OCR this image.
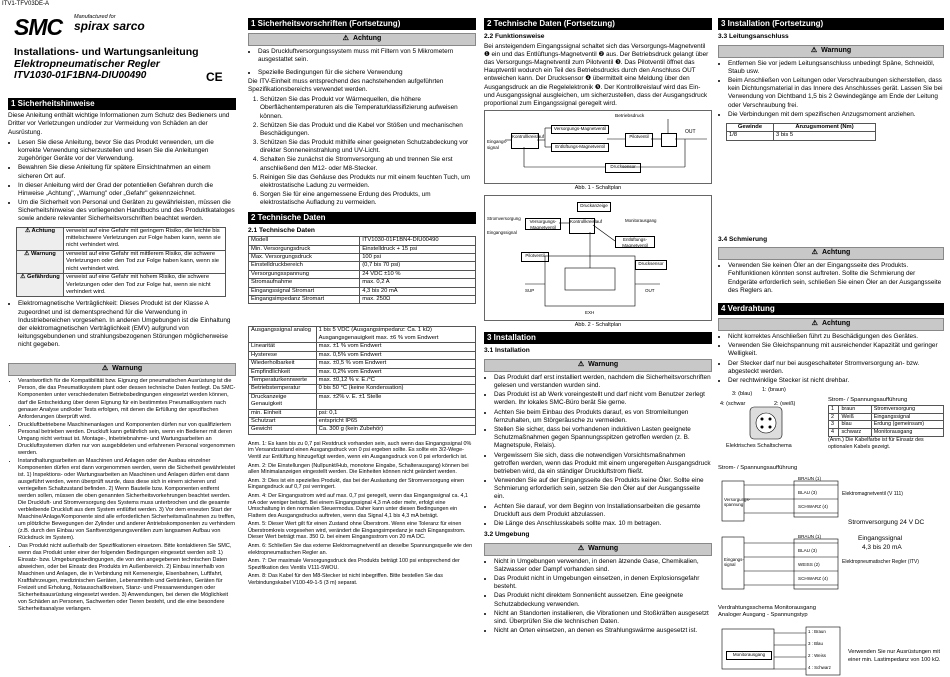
ITV1-TFV03DE-A
SMC Manufactured for
spirax sarco
Installations- und Wartungsanleitung
Elektropneumatischer Regler
ITV1030-01F1BN4-DIU00490	CE
1 Sicherheitshinweise

Diese Anleitung enthält wichtige Informationen zum Schutz des Bedieners und Dritter vor Verletzungen und/oder zur Vermeidung von Schäden an der Ausrüstung.

• Lesen Sie diese Anleitung, bevor Sie das Produkt verwenden, um die korrekte Verwendung sicherzustellen und lesen Sie die Anleitungen zugehöriger Geräte vor der Verwendung.
• Bewahren Sie diese Anleitung für spätere Einsichtnahmen an einem sicheren Ort auf.
• In dieser Anleitung wird der Grad der potentiellen Gefahren durch die Hinweise „Achtung", „Warnung" oder „Gefahr" gekennzeichnet.
• Um die Sicherheit von Personal und Geräten zu gewährleisten, müssen die Sicherheitshinweise des vorliegenden Handbuchs und des Produktkataloges sowie andere relevanter Sicherheitsvorschriften beachtet werden.
⚠ Achtung	verweist auf eine Gefahr mit geringem Risiko, die leichte bis mittelschwere Verletzungen zur Folge haben kann, wenn sie nicht verhindert wird.
⚠ Warnung	verweist auf eine Gefahr mit mittlerem Risiko, die schwere Verletzungen oder den Tod zur Folge haben kann, wenn sie nicht verhindert wird.
⚠ Gefährdung	verweist auf eine Gefahr mit hohem Risiko, die schwere Verletzungen oder den Tod zur Folge hat, wenn sie nicht verhindert wird.
• Elektromagnetische Verträglichkeit: Dieses Produkt ist der Klasse A zugeordnet und ist dementsprechend für die Verwendung in Industriebereichen vorgesehen. In anderen Umgebungen ist die Einhaltung der elektromagnetischen Verträglichkeit (EMV) aufgrund von leitungsgebundenen und strahlungsbezogenen Störungen möglicherweise nicht gegeben.
⚠ Warnung
• Verantwortlich für die Kompatibilität bzw. Eignung der pneumatischen Ausrüstung ist die Person, die das Pneumatiksystem plant oder dessen technische Daten festlegt. Da SMC-Komponenten unter verschiedensten Betriebsbedingungen eingesetzt werden können, darf die Entscheidung über deren Eignung für ein bestimmtes Pneumatiksystem nach genauer Analyse und/oder Tests erfolgen, mit denen die Erfüllung der spezifischen Anforderungen überprüft wird.
• Druckluftbetriebene Maschinenanlagen und Komponenten dürfen nur von qualifiziertem Personal betrieben werden. Druckluft kann gefährlich sein, wenn ein Bediener mit deren Umgang nicht vertraut ist. Montage-, Inbetriebnahme- und Wartungsarbeiten an Druckluftsystemen dürfen nur von ausgebildeten und erfahrenen Personal vorgenommen werden.
• Instandhaltungsarbeiten an Maschinen und Anlagen oder der Ausbau einzelner Komponenten dürfen erst dann vorgenommen werden, wenn die Sicherheit gewährleistet ist. 1) Inspektions- oder Wartungsarbeiten an Maschinen und Anlagen dürfen erst dann ausgeführt werden, wenn überprüft wurde, dass diese sich in einem sicheren und verriegelten Schaltzustand befinden. 2) Wenn Bauteile bzw. Komponenten entfernt werden sollen, müssen die oben genannten Sicherheitsvorkehrungen beachtet werden. Die Druckluft- und Stromversorgung des Systems muss unterbrochen und die gesamte verbleibende Druckluft aus dem System entlüftet werden. 3) Vor dem erneuten Start der Maschine/Anlage/Komponente sind alle erforderlichen Sicherheitsmaßnahmen zu treffen, um plötzliche Bewegungen der Zylinder und anderer Antriebskomponenten zu verhindern (z.B. durch den Einbau von Sanftverzögerungsventilen zum langsamen Aufbau von Rückdruck im System).
• Das Produkt nicht außerhalb der Spezifikationen einsetzen. Bitte kontaktieren Sie SMC, wenn das Produkt unter einer der folgenden Bedingungen eingesetzt werden soll: 1) Einsatz- bzw. Umgebungsbedingungen, die von den angegebenen technischen Daten abweichen, oder bei Einsatz des Produkts im Außenbereich. 2) Einbau innerhalb von Maschinen und Anlagen, die in Verbindung mit Kernenergie, Eisenbahnen, Luftfahrt, Kraftfahrzeugen, medizinischen Geräten, Lebensmitteln und Getränken, Geräten für Freizeit und Erholung, Notausschaltkreisen, Stanz- und Pressanwendungen oder Sicherheitsausrüstung eingesetzt werden. 3) Anwendungen, bei denen die Möglichkeit von Schäden an Personen, Sachwerten oder Tieren besteht, und die eine besondere Sicherheitsanalyse verlangen.
1 Sicherheitsvorschriften (Fortsetzung)
⚠ Achtung
• Das Druckluftversorgungssystem muss mit Filtern von 5 Mikrometern ausgestattet sein.
• Spezielle Bedingungen für die sichere Verwendung

Die ITV-Einheit muss entsprechend des nachstehenden aufgeführten Spezifikationsbereichs verwendet werden.

1. Schützen Sie das Produkt vor Wärmequellen, die höhere Oberflächentemperaturen als die Temperaturklassifizierung aufweisen können.
2. Schützen Sie das Produkt und die Kabel vor Stößen und mechanischen Beschädigungen.
3. Schützen Sie das Produkt mithilfe einer geeigneten Schutzabdeckung vor direkter Sonneneinstrahlung und UV-Licht.
4. Schalten Sie zunächst die Stromversorgung ab und trennen Sie erst anschließend den M12- oder M8-Stecker.
5. Reinigen Sie das Gehäuse des Produkts nur mit einem feuchten Tuch, um elektrostatische Ladung zu vermeiden.
6. Sorgen Sie für eine angemessene Erdung des Produkts, um elektrostatische Aufladung zu vermeiden.
2 Technische Daten
2.1 Technische Daten
Modell	ITV1030-01F1BN4-DIU00490
Min. Versorgungsdruck	Einstelldruck + 15 psi
Max. Versorgungsdruck	100 psi
Einstelldruckbereich	(0,7 bis 70 psi)
Versorgungsspannung	24 VDC ±10 %
Stromaufnahme	max. 0,2 A
Eingangssignal Stromart	4,3 bis 20 mA
Eingangsimpedanz Stromart	max. 250Ω
Ausgangssignal analog	1 bis 5 VDC (Ausgangsimpedanz: Ca. 1 kΩ) Ausgangsgenauigkeit max. ±6 % vom Endwert
Linearität	max. ±1 % vom Endwert
Hysterese	max. 0,5% vom Endwert
Wiederholbarkeit	max. ±0,5 % vom Endwert
Empfindlichkeit	max. 0,2% vom Endwert
Temperaturkennwerte	max. ±0,12 % v. E./°C
Betriebstemperatur	0 bis 50 °C (keine Kondensation)
Druckanzeige Genauigkeit	max. ±2% v. E. ±1 Stelle
min. Einheit	psi: 0,1
Schutzart	entspricht IP65
Gewicht	Ca. 300 g (kein Zubehör)

Anm. 1: Es kann bis zu 0,7 psi Restdruck vorhanden sein, auch wenn das Eingangssignal 0% im Versandzustand einen Ausgangsdruck von 0 psi ergeben sollte. Es sollte ein 3/2-Wege-Ventil zur Entlüftung hinzugefügt werden, wenn ein Ausgangsdruck von 0 psi erforderlich ist.

Anm. 2: Die Einstellungen (Nullpunkt/Hub, monotone Eingabe, Schalterausgang) können bei allen Minimalanzeigen eingestellt werden. Die Einheiten können nicht geändert werden.

Anm. 3: Dies ist ein spezielles Produkt, das bei der Auslastung der Stromversorgung einen Eingangsdruck auf 0,7 psi verringert.

Anm. 4: Der Eingangsstrom wird auf max. 0,7 psi geregelt, wenn das Eingangssignal ca. 4,1 mA oder weniger beträgt. Bei einem Eingangssignal 4,3 mA oder mehr, erfolgt eine Umschaltung in den normalen Steuermodus. Daher kann unter diesen Bedingungen ein Flattern des Ausgangsdrucks auftreten, wenn das Signal 4,1 bis 4,3 mA beträgt.

Anm. 5: Dieser Wert gilt für einen Zustand ohne Überstrom. Wenn eine Toleranz für einen Überstromkreis vorgesehen wird, verändert die Eingangsimpedanz je nach Eingangsstrom. Dieser Wert beträgt max. 350 Ω. bei einem Eingangsstrom von 20 mA DC.

Anm. 6: Schließen Sie das externe Elektromagnetventil an dieselbe Spannungsquelle wie den elektropneumatischen Regler an.

Anm. 7: Der maximale Versorgungsdruck des Produkts beträgt 100 psi entsprechend der Spezifikation des Ventils V111-5WOU.

Anm. 8: Das Kabel für den M8-Stecker ist nicht inbegriffen. Bitte bestellen Sie das Verbindungskabel V100-49-1-5 (3 m) separat.

2 Technische Daten (Fortsetzung)
2.2 Funktionsweise

Bei ansteigendem Eingangssignal schaltet sich das Versorgungs-Magnetventil ❶ ein und das Entlüftungs-Magnetventil ❷ aus. Der Betriebsdruck gelangt über das Versorgungs-Magnetventil zum Pilotventil ❸. Das Pilotventil öffnet das Hauptventil wodurch ein Teil des Betriebsdrucks durch den Anschluss OUT entweichen kann. Der Drucksensor ❹ übermittelt eine Meldung über den Ausgangsdruck an die Regelelektronik ❺. Der Kontrollkreislauf wird das Ein- und Ausgangssignal ausgleichen, um sicherzustellen, dass der Ausgangsdruck proportional zum Eingangssignal geregelt wird.

Betriebsdruck
Eingangs-signal
Kontrollkreislauf
Versorgungs-Magnetventil
Entlüftungs-Magnetventil
Pilotventil
OUT
Drucksensor
Abb. 1 - Schaltplan
Druckanzeige
Stromversorgung
Eingangssignal
Monitorausgang
Versorgungs-Magnetventil
Kontrollkreislauf
Entlüftungs-Magnetventil
Pilotventil
Drucksensor
SUP	OUT
EXH
Abb. 2 - Schaltplan
3 Installation
3.1 Installation
⚠ Warnung
• Das Produkt darf erst installiert werden, nachdem die Sicherheitsvorschriften gelesen und verstanden wurden sind.
• Das Produkt ist ab Werk voreingestellt und darf nicht vom Benutzer zerlegt werden. Ihr lokales SMC-Büro berät Sie gerne.
• Achten Sie beim Einbau des Produkts darauf, es von Stromleitungen fernzuhalten, um Störgeräusche zu vermeiden.
• Stellen Sie sicher, dass bei vorhandenen induktiven Lasten geeignete Schutzmaßnahmen gegen Spannungsspitzen getroffen werden (z. B. Magnetspule, Relais).
• Vergewissern Sie sich, dass die notwendigen Vorsichtsmaßnahmen getroffen werden, wenn das Produkt mit einem ungeregelten Ausgangsdruck betrieben wird, da ein ständiger Druckluftstrom fließt.
• Verwenden Sie auf der Eingangsseite des Produkts keine Öler. Sollte eine Schmierung erforderlich sein, setzen Sie den Öler auf der Ausgangsseite ein.
• Achten Sie darauf, vor dem Beginn von Installationsarbeiten die gesamte Druckluft aus dem Produkt abzulassen.
• Die Länge des Anschlusskabels sollte max. 10 m betragen.
3.2 Umgebung
⚠ Warnung
• Nicht in Umgebungen verwenden, in denen ätzende Gase, Chemikalien, Salzwasser oder Dampf vorhanden sind.
• Das Produkt nicht in Umgebungen einsetzen, in denen Explosionsgefahr besteht.
• Das Produkt nicht direktem Sonnenlicht aussetzen. Eine geeignete Schutzabdeckung verwenden.
• Nicht an Standorten installieren, die Vibrationen und Stoßkräften ausgesetzt sind. Überprüfen Sie die technischen Daten.
• Nicht an Orten einsetzen, an denen es Strahlungswärme ausgesetzt ist.
3 Installation (Fortsetzung)
3.3 Leitungsanschluss
⚠ Warnung
• Entfernen Sie vor jedem Leitungsanschluss unbedingt Späne, Schneidöl, Staub usw.
• Beim Anschließen von Leitungen oder Verschraubungen sicherstellen, dass kein Dichtungsmaterial in das Innere des Anschlusses gerät. Lassen Sie bei Verwendung von Dichtband 1,5 bis 2 Gewindegänge am Ende der Leitung oder Verschraubung frei.
• Die Verbindungen mit dem spezifischen Anzugsmoment anziehen.
Gewinde	Anzugsmoment (Nm)
1/8	3 bis 5
3.4 Schmierung
⚠ Achtung
• Verwenden Sie keinen Öler an der Eingangsseite des Produkts. Fehlfunktionen könnten sonst auftreten. Sollte die Schmierung der Endgeräte erforderlich sein, schließen Sie einen Öler an der Ausgangsseite des Reglers an.
4 Verdrahtung
⚠ Achtung
• Nicht korrektes Anschließen führt zu Beschädigungen des Gerätes.
• Verwenden Sie Gleichspannung mit ausreichender Kapazität und geringer Welligkeit.
• Der Stecker darf nur bei ausgeschalteter Stromversorgung an- bzw. abgesteckt werden.
• Der rechtwinklige Stecker ist nicht drehbar.
3: (blau)
1: (braun)
4: (schwar	2: (weiß)
Elektrisches Schaltschema
Strom- / Spannungsaufführung
1	braun	Stromversorgung
2	Weiß	Eingangssignal
3	blau	Erdung (gemeinsam)
4	schwarz	Monitorausgang
(Anm.) Die Kabelfarbe ist für Einsatz des optionalen Kabels gezeigt.
Strom- / Spannungsaufführung
Versorgungs-spannung
Eingangs-signal
BRAUN (1)
BLAU (3)
SCHWARZ (4)
Elektromagnetventil (V 111)
Stromversorgung 24 V DC
Eingangssignal
4,3 bis 20 mA
BRAUN (1)
BLAU (3)
WEISS (2)
SCHWARZ (4)
Elektropneumatischer Regler (ITV)
Verdrahtungsschema Monitorausgang
Analoger Ausgang - Spannungstyp
Monitorausgang
1 : Braun
3 : Blau
2 : Weiss
4 : Schwarz
Verwenden Sie nur Ausrüstungen mit einer min. Lastimpedanz von 100 kΩ.
